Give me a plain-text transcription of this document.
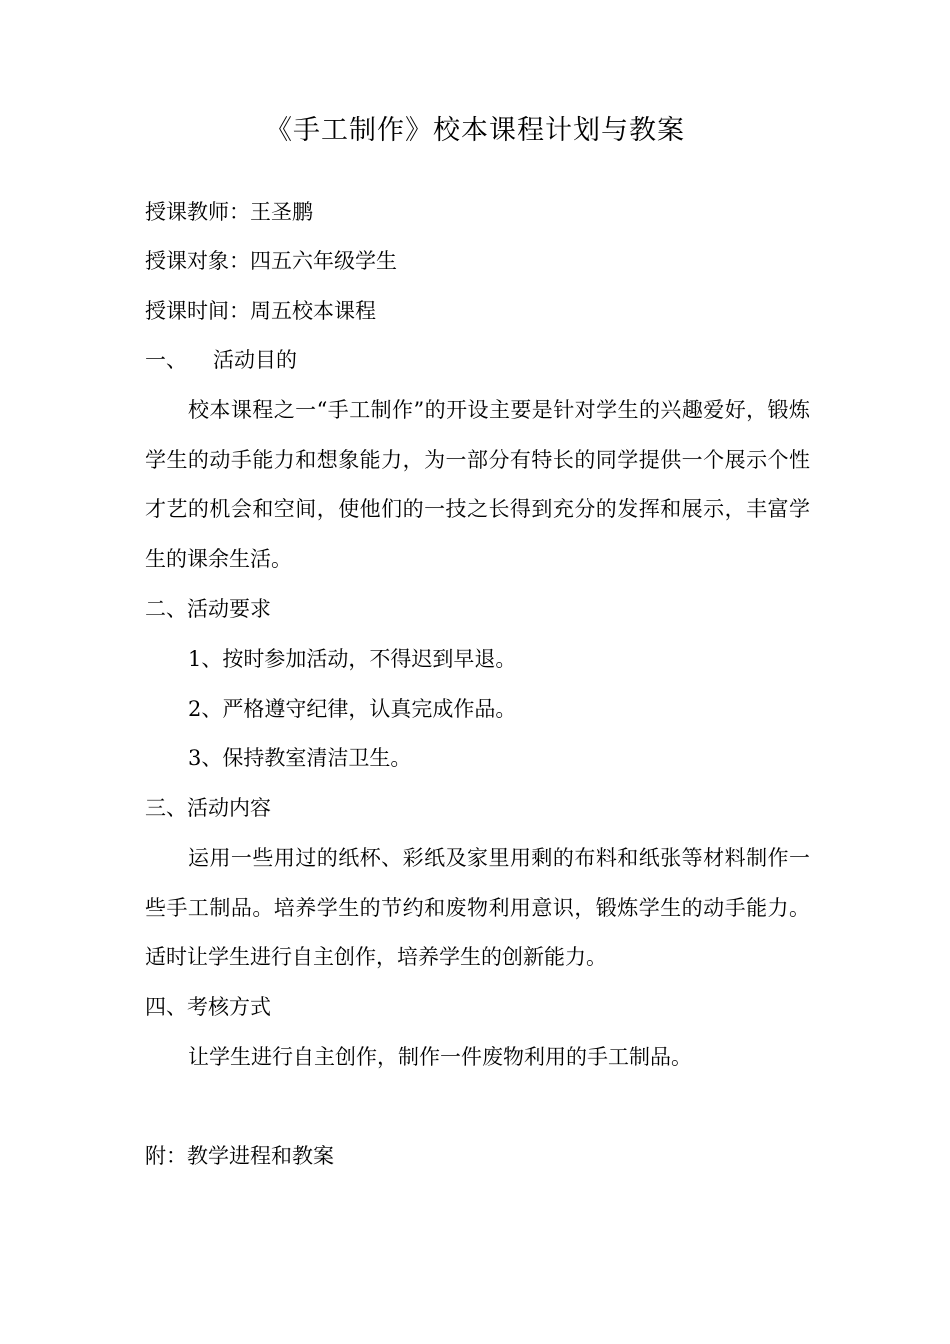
《手工制作》校本课程计划与教案
授课教师：王圣鹏
授课对象：四五六年级学生
授课时间：周五校本课程
一、 活动目的
校本课程之一“手工制作”的开设主要是针对学生的兴趣爱好，锻炼学生的动手能力和想象能力，为一部分有特长的同学提供一个展示个性才艺的机会和空间，使他们的一技之长得到充分的发挥和展示，丰富学生的课余生活。
二、活动要求
1、按时参加活动，不得迟到早退。
2、严格遵守纪律，认真完成作品。
3、保持教室清洁卫生。
三、活动内容
运用一些用过的纸杯、彩纸及家里用剩的布料和纸张等材料制作一些手工制品。培养学生的节约和废物利用意识，锻炼学生的动手能力。适时让学生进行自主创作，培养学生的创新能力。
四、考核方式
让学生进行自主创作，制作一件废物利用的手工制品。
附：教学进程和教案
